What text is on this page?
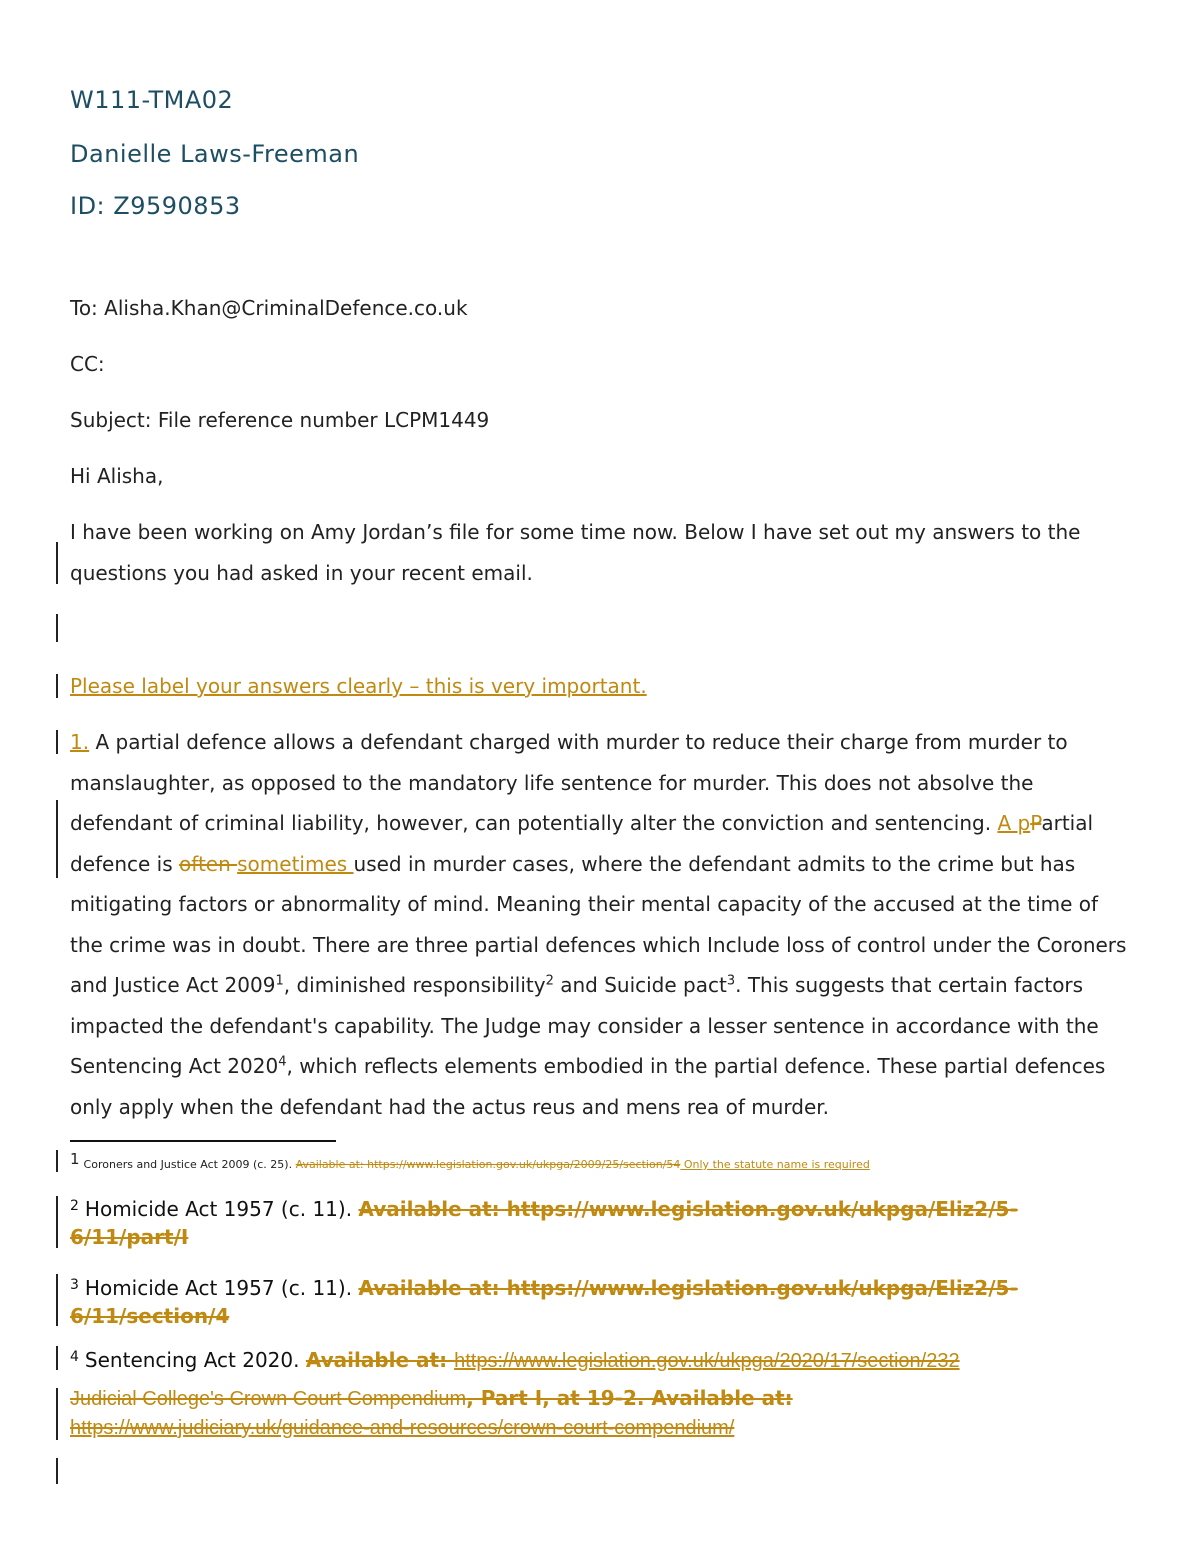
W111-TMA02
Danielle Laws-Freeman
ID: Z9590853

To: Alisha.Khan@CriminalDefence.co.uk

CC:

Subject: File reference number LCPM1449

Hi Alisha,

I have been working on Amy Jordan’s file for some time now. Below I have set out my answers to the questions you had asked in your recent email.

Please label your answers clearly – this is very important.

1. A partial defence allows a defendant charged with murder to reduce their charge from murder to manslaughter, as opposed to the mandatory life sentence for murder. This does not absolve the defendant of criminal liability, however, can potentially alter the conviction and sentencing. A pPartial defence is often sometimes used in murder cases, where the defendant admits to the crime but has mitigating factors or abnormality of mind. Meaning their mental capacity of the accused at the time of the crime was in doubt. There are three partial defences which Include loss of control under the Coroners and Justice Act 2009$^1$, diminished responsibility$^2$ and Suicide pact$^3$. This suggests that certain factors impacted the defendant's capability. The Judge may consider a lesser sentence in accordance with the Sentencing Act 2020$^4$, which reflects elements embodied in the partial defence. These partial defences only apply when the defendant had the actus reus and mens rea of murder.

1 Coroners and Justice Act 2009 (c. 25). Available at: https://www.legislation.gov.uk/ukpga/2009/25/section/54 Only the statute name is required

$^2$ Homicide Act 1957 (c. 11). Available at: https://www.legislation.gov.uk/ukpga/Eliz2/5-6/11/part/I

$^3$ Homicide Act 1957 (c. 11). Available at: https://www.legislation.gov.uk/ukpga/Eliz2/5-6/11/section/4

$^4$ Sentencing Act 2020. Available at: https://www.legislation.gov.uk/ukpga/2020/17/section/232

Judicial College's Crown Court Compendium, Part I, at 19-2. Available at:
https://www.judiciary.uk/guidance-and-resources/crown-court-compendium/
